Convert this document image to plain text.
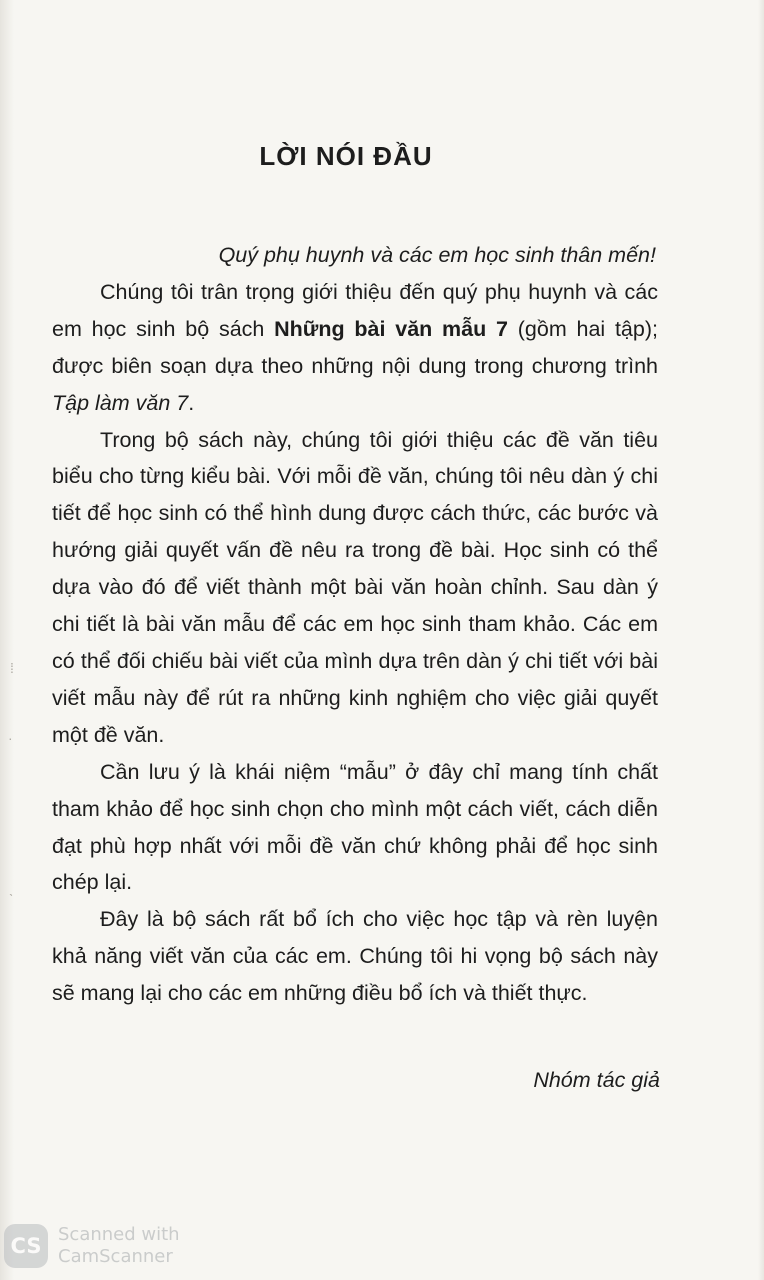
LỜI NÓI ĐẦU

Quý phụ huynh và các em học sinh thân mến!

Chúng tôi trân trọng giới thiệu đến quý phụ huynh và các em học sinh bộ sách Những bài văn mẫu 7 (gồm hai tập); được biên soạn dựa theo những nội dung trong chương trình Tập làm văn 7.

Trong bộ sách này, chúng tôi giới thiệu các đề văn tiêu biểu cho từng kiểu bài. Với mỗi đề văn, chúng tôi nêu dàn ý chi tiết để học sinh có thể hình dung được cách thức, các bước và hướng giải quyết vấn đề nêu ra trong đề bài. Học sinh có thể dựa vào đó để viết thành một bài văn hoàn chỉnh. Sau dàn ý chi tiết là bài văn mẫu để các em học sinh tham khảo. Các em có thể đối chiếu bài viết của mình dựa trên dàn ý chi tiết với bài viết mẫu này để rút ra những kinh nghiệm cho việc giải quyết một đề văn.

Cần lưu ý là khái niệm “mẫu” ở đây chỉ mang tính chất tham khảo để học sinh chọn cho mình một cách viết, cách diễn đạt phù hợp nhất với mỗi đề văn chứ không phải để học sinh chép lại.

Đây là bộ sách rất bổ ích cho việc học tập và rèn luyện khả năng viết văn của các em. Chúng tôi hi vọng bộ sách này sẽ mang lại cho các em những điều bổ ích và thiết thực.

Nhóm tác giả
⁞
·
ˎ
CS Scanned with
CamScanner
